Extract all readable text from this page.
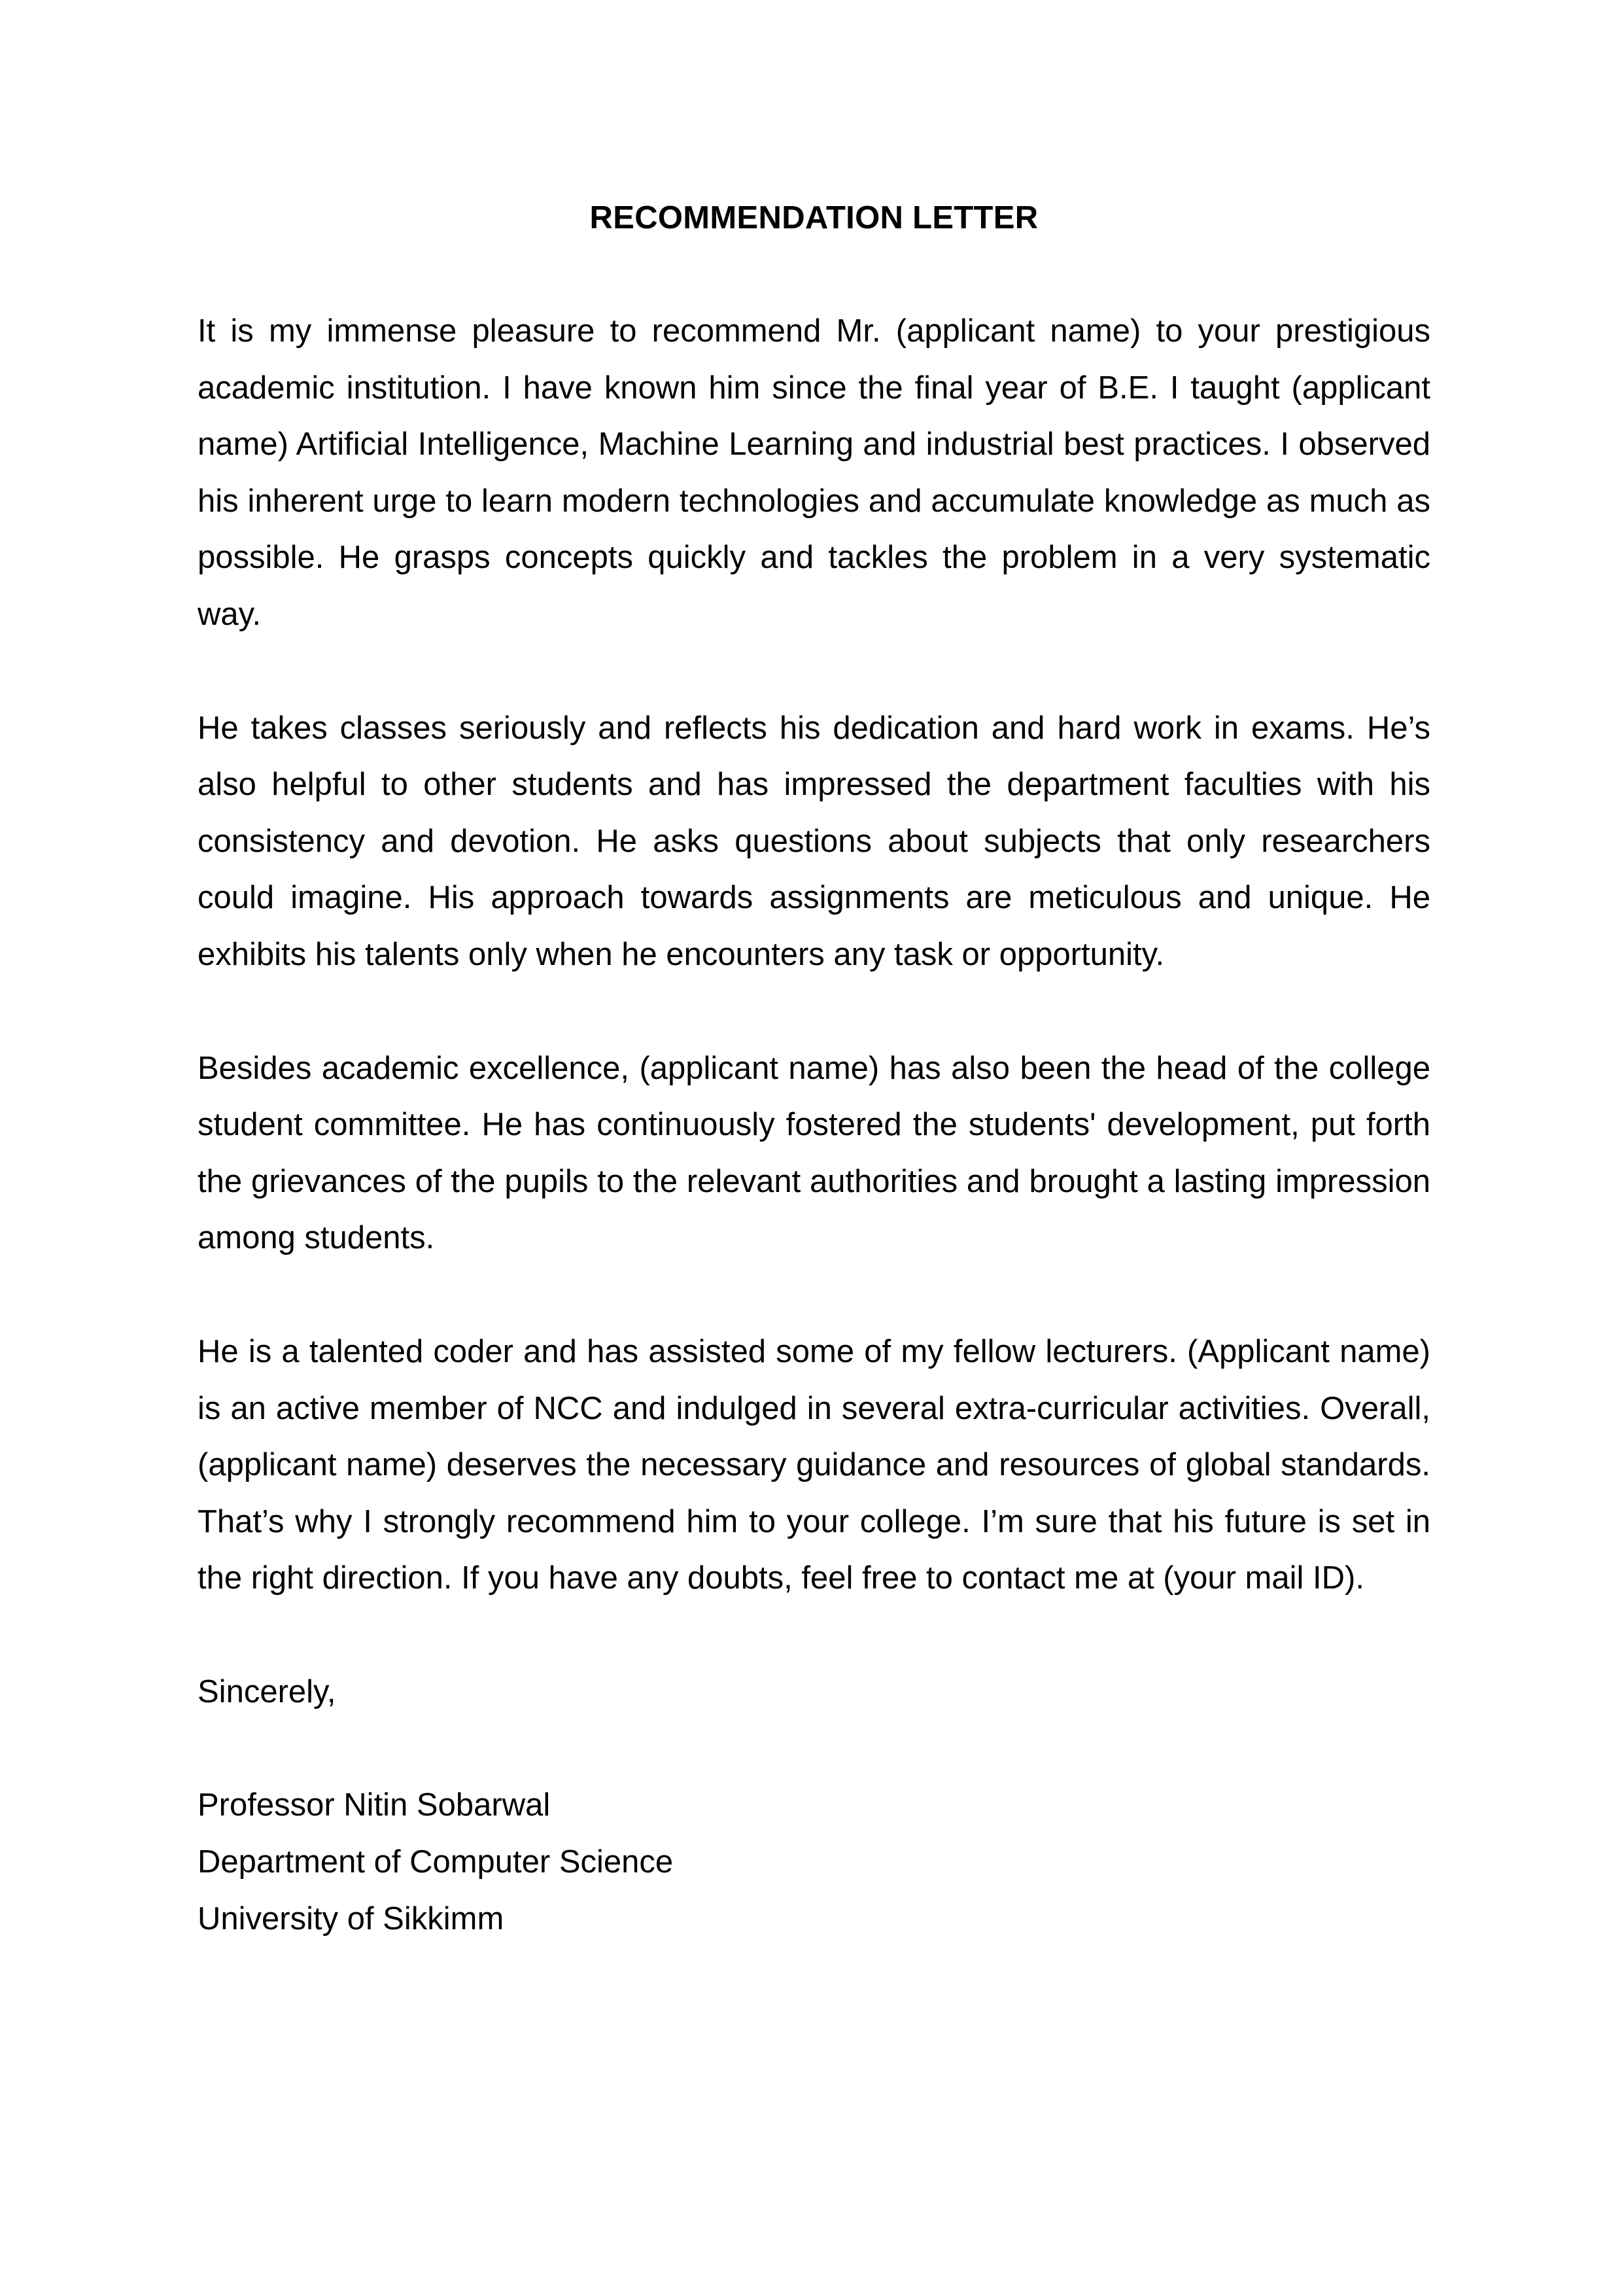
RECOMMENDATION LETTER

It is my immense pleasure to recommend Mr. (applicant name) to your prestigious academic institution. I have known him since the final year of B.E. I taught (applicant name) Artificial Intelligence, Machine Learning and industrial best practices. I observed his inherent urge to learn modern technologies and accumulate knowledge as much as possible. He grasps concepts quickly and tackles the problem in a very systematic way.

He takes classes seriously and reflects his dedication and hard work in exams. He’s also helpful to other students and has impressed the department faculties with his consistency and devotion. He asks questions about subjects that only researchers could imagine. His approach towards assignments are meticulous and unique. He exhibits his talents only when he encounters any task or opportunity.

Besides academic excellence, (applicant name) has also been the head of the college student committee. He has continuously fostered the students' development, put forth the grievances of the pupils to the relevant authorities and brought a lasting impression among students.

He is a talented coder and has assisted some of my fellow lecturers. (Applicant name) is an active member of NCC and indulged in several extra-curricular activities. Overall, (applicant name) deserves the necessary guidance and resources of global standards. That’s why I strongly recommend him to your college. I’m sure that his future is set in the right direction. If you have any doubts, feel free to contact me at (your mail ID).

Sincerely,

Professor Nitin Sobarwal

Department of Computer Science

University of Sikkimm
